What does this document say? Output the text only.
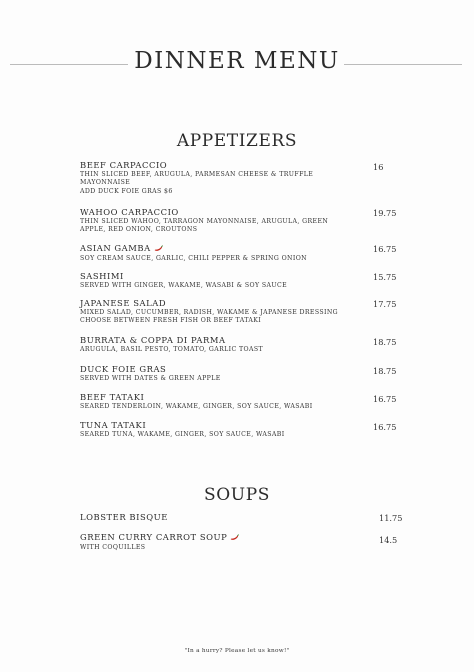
DINNER MENU
APPETIZERS
BEEF CARPACCIO
THIN SLICED BEEF, ARUGULA, PARMESAN CHEESE & TRUFFLE
MAYONNAISE
ADD DUCK FOIE GRAS $6
16
WAHOO CARPACCIO
THIN SLICED WAHOO, TARRAGON MAYONNAISE, ARUGULA, GREEN
APPLE, RED ONION, CROUTONS
19.75
ASIAN GAMBA
SOY CREAM SAUCE, GARLIC, CHILI PEPPER & SPRING ONION
16.75
SASHIMI
SERVED WITH GINGER, WAKAME, WASABI & SOY SAUCE
15.75
JAPANESE SALAD
MIXED SALAD, CUCUMBER, RADISH, WAKAME & JAPANESE DRESSING
CHOOSE BETWEEN FRESH FISH OR BEEF TATAKI
17.75
BURRATA & COPPA DI PARMA
ARUGULA, BASIL PESTO, TOMATO, GARLIC TOAST
18.75
DUCK FOIE GRAS
SERVED WITH DATES & GREEN APPLE
18.75
BEEF TATAKI
SEARED TENDERLOIN, WAKAME, GINGER, SOY SAUCE, WASABI
16.75
TUNA TATAKI
SEARED TUNA, WAKAME, GINGER, SOY SAUCE, WASABI
16.75
SOUPS
LOBSTER BISQUE	11.75
GREEN CURRY CARROT SOUP
WITH COQUILLES
14.5
"In a hurry? Please let us know!"
